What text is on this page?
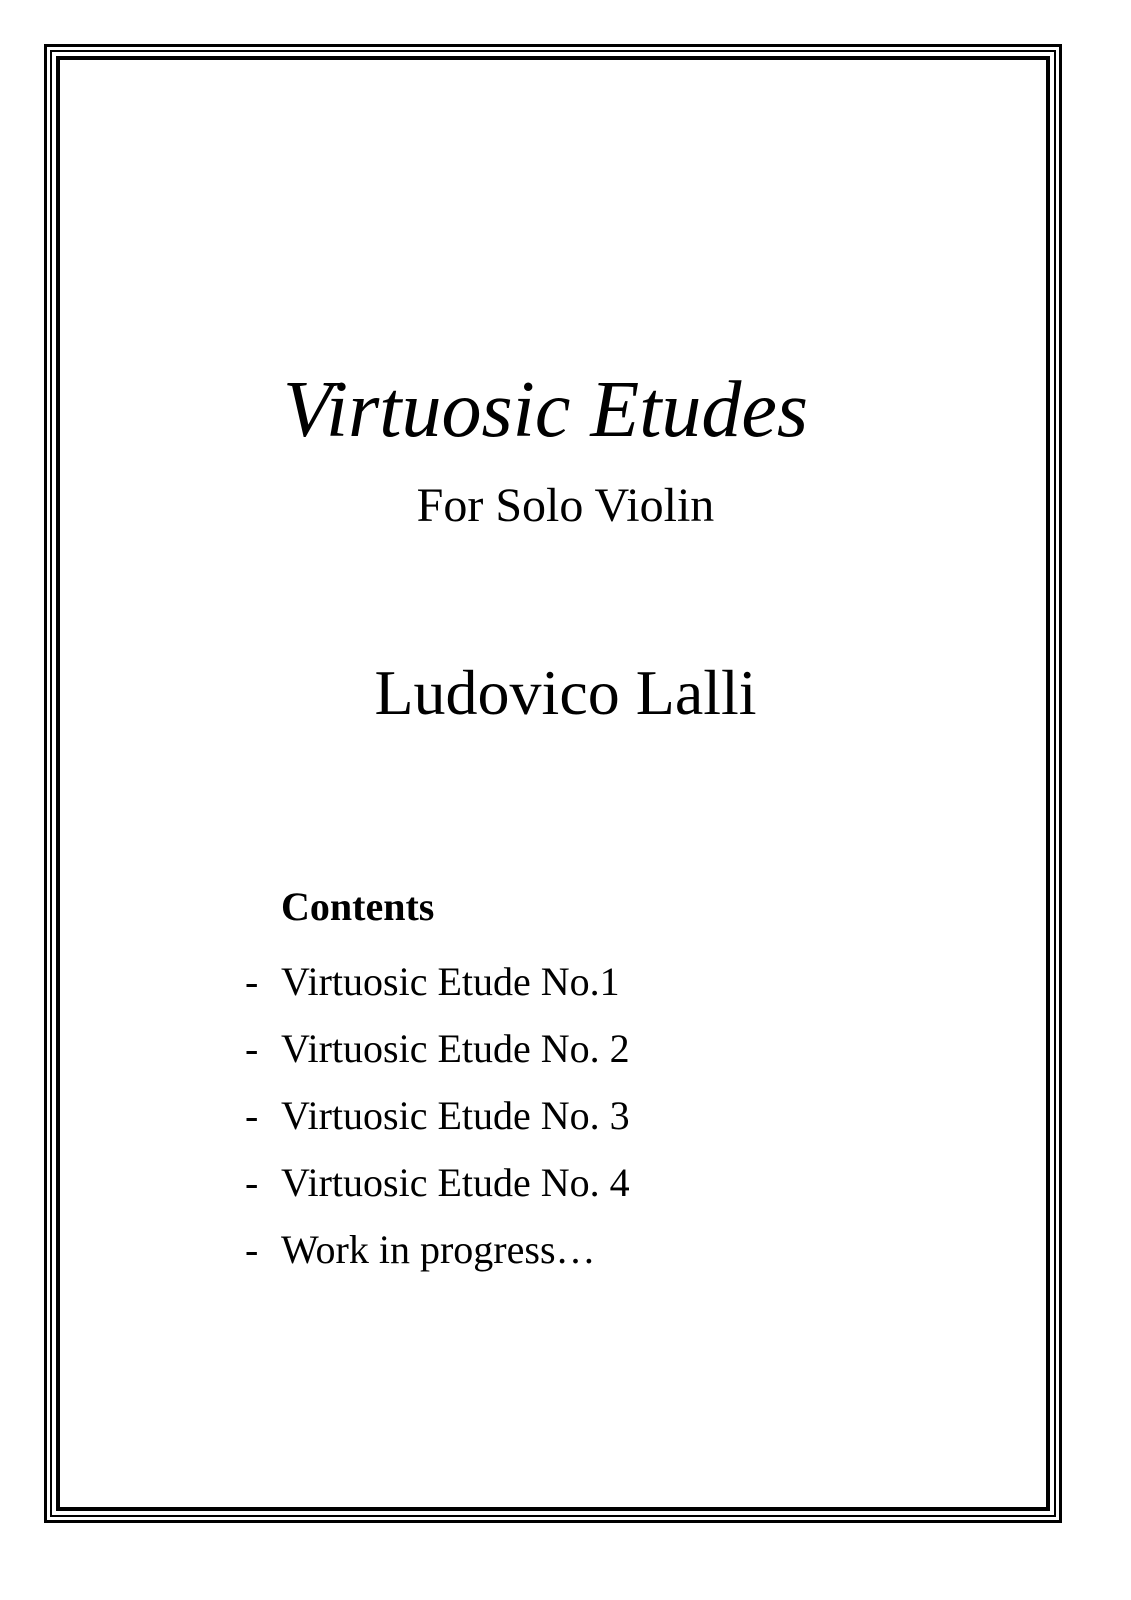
Virtuosic Etudes

For Solo Violin

Ludovico Lalli

Contents

- Virtuosic Etude No.1
- Virtuosic Etude No. 2
- Virtuosic Etude No. 3
- Virtuosic Etude No. 4
- Work in progress…
